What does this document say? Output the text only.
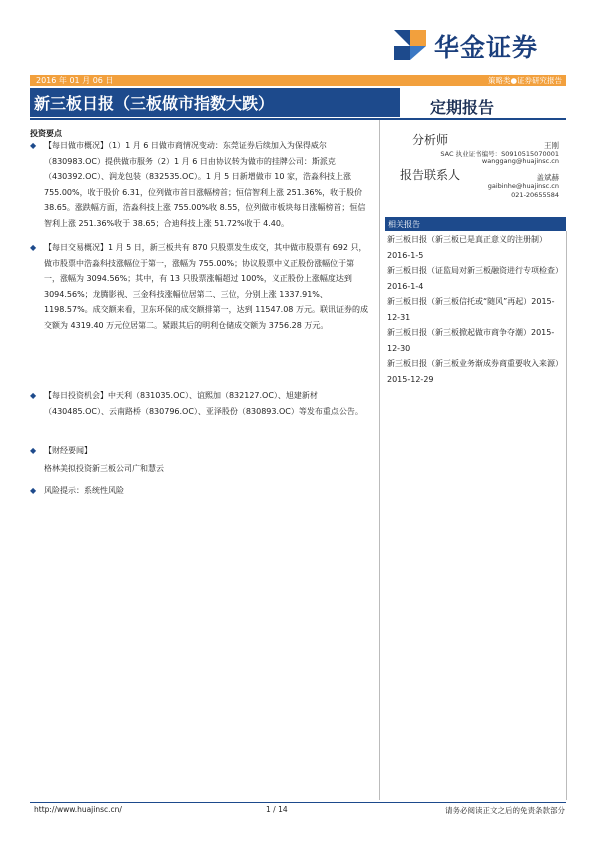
华金证券
2016 年 01 月 06 日	策略类●证券研究报告
新三板日报（三板做市指数大跌）	定期报告
投资要点
◆ 【每日做市概况】（1）1 月 6 日做市商情况变动：东莞证券后续加入为保得威尔（830983.OC）提供做市服务（2）1 月 6 日由协议转为做市的挂牌公司：斯派克（430392.OC）、润龙包装（832535.OC）。1 月 5 日新增做市 10 家，浩淼科技上涨 755.00%，收于股价 6.31，位列做市首日涨幅榜首；恒信智利上涨 251.36%，收于股价 38.65。涨跌幅方面，浩淼科技上涨 755.00%收 8.55，位列做市板块每日涨幅榜首；恒信智利上涨 251.36%收于 38.65；合迪科技上涨 51.72%收于 4.40。
◆ 【每日交易概况】1 月 5 日，新三板共有 870 只股票发生成交，其中做市股票有 692 只，做市股票中浩淼科技涨幅位于第一，涨幅为 755.00%；协议股票中义正股份涨幅位于第一，涨幅为 3094.56%；其中，有 13 只股票涨幅超过 100%，义正股份上涨幅度达到 3094.56%；龙腾影视、三金科技涨幅位居第二、三位，分别上涨 1337.91%、1198.57%。成交额来看，卫东环保的成交额排第一，达到 11547.08 万元。联讯证券的成交额为 4319.40 万元位居第二。紧跟其后的明利仓储成交额为 3756.28 万元。
◆ 【每日投资机会】中天利（831035.OC）、谊熙加（832127.OC）、旭建新材（430485.OC）、云南路桥（830796.OC）、亚泽股份（830893.OC）等发布重点公告。
◆ 【财经要闻】
格林美拟投资新三板公司广和慧云
◆ 风险提示：系统性风险
分析师	王刚
SAC 执业证书编号：S0910515070001
wanggang@huajinsc.cn
报告联系人	盖斌赫
gaibinhe@huajinsc.cn
021-20655584
相关报告
新三板日报（新三板已是真正意义的注册制）2016-1-5
新三板日报（证监局对新三板融资进行专项检查）2016-1-4
新三板日报（新三板信托或“随风”再起）2015-12-31
新三板日报（新三板掀起做市商争夺潮）2015-12-30
新三板日报（新三板业务渐成券商重要收入来源）2015-12-29
http://www.huajinsc.cn/	1 / 14	请务必阅读正文之后的免责条款部分
